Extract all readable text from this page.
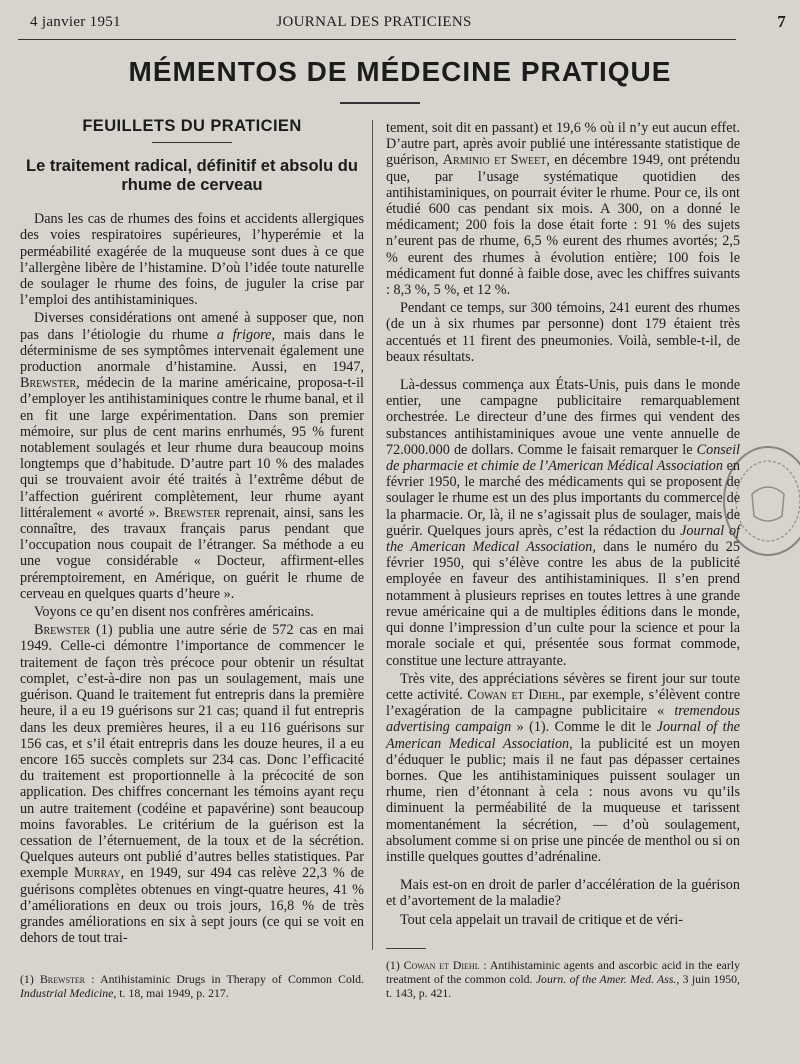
4 janvier 1951	JOURNAL DES PRATICIENS	7
MÉMENTOS DE MÉDECINE PRATIQUE
FEUILLETS DU PRATICIEN
Le traitement radical, définitif et absolu du rhume de cerveau

Dans les cas de rhumes des foins et accidents allergiques des voies respiratoires supérieures, l’hyperémie et la perméabilité exagérée de la muqueuse sont dues à ce que l’allergène libère de l’histamine. D’où l’idée toute naturelle de soulager le rhume des foins, de juguler la crise par l’emploi des antihistaminiques.

Diverses considérations ont amené à supposer que, non pas dans l’étiologie du rhume a frigore, mais dans le déterminisme de ses symptômes intervenait également une production anormale d’histamine. Aussi, en 1947, Brewster, médecin de la marine américaine, proposa-t-il d’employer les antihistaminiques contre le rhume banal, et il en fit une large expérimentation. Dans son premier mémoire, sur plus de cent marins enrhumés, 95 % furent notablement soulagés et leur rhume dura beaucoup moins longtemps que d’habitude. D’autre part 10 % des malades qui se trouvaient avoir été traités à l’extrême début de l’affection guérirent complètement, leur rhume ayant littéralement « avorté ». Brewster reprenait, ainsi, sans les connaître, des travaux français parus pendant que l’occupation nous coupait de l’étranger. Sa méthode a eu une vogue considérable « Docteur, affirment-elles préremptoirement, en Amérique, on guérit le rhume de cerveau en quelques quarts d’heure ».

Voyons ce qu’en disent nos confrères américains.

Brewster (1) publia une autre série de 572 cas en mai 1949. Celle-ci démontre l’importance de commencer le traitement de façon très précoce pour obtenir un résultat complet, c’est-à-dire non pas un soulagement, mais une guérison. Quand le traitement fut entrepris dans la première heure, il a eu 19 guérisons sur 21 cas; quand il fut entrepris dans les deux premières heures, il a eu 116 guérisons sur 156 cas, et s’il était entrepris dans les douze heures, il a eu encore 165 succès complets sur 234 cas. Donc l’efficacité du traitement est proportionnelle à la précocité de son application. Des chiffres concernant les témoins ayant reçu un autre traitement (codéine et papavérine) sont beaucoup moins favorables. Le critérium de la guérison est la cessation de l’éternuement, de la toux et de la sécrétion. Quelques auteurs ont publié d’autres belles statistiques. Par exemple Murray, en 1949, sur 494 cas relève 22,3 % de guérisons complètes obtenues en vingt-quatre heures, 41 % d’améliorations en deux ou trois jours, 16,8 % de très grandes améliorations en six à sept jours (ce qui se voit en dehors de tout trai-

tement, soit dit en passant) et 19,6 % où il n’y eut aucun effet. D’autre part, après avoir publié une intéressante statistique de guérison, Arminio et Sweet, en décembre 1949, ont prétendu que, par l’usage systématique quotidien des antihistaminiques, on pourrait éviter le rhume. Pour ce, ils ont étudié 600 cas pendant six mois. A 300, on a donné le médicament; 200 fois la dose était forte : 91 % des sujets n’eurent pas de rhume, 6,5 % eurent des rhumes avortés; 2,5 % eurent des rhumes à évolution entière; 100 fois le médicament fut donné à faible dose, avec les chiffres suivants : 8,3 %, 5 %, et 12 %.

Pendant ce temps, sur 300 témoins, 241 eurent des rhumes (de un à six rhumes par personne) dont 179 étaient très accentués et 11 firent des pneumonies. Voilà, semble-t-il, de beaux résultats.

Là-dessus commença aux États-Unis, puis dans le monde entier, une campagne publicitaire remarquablement orchestrée. Le directeur d’une des firmes qui vendent des substances antihistaminiques avoue une vente annuelle de 72.000.000 de dollars. Comme le faisait remarquer le Conseil de pharmacie et chimie de l’American Médical Association en février 1950, le marché des médicaments qui se proposent de soulager le rhume est un des plus importants du commerce de la pharmacie. Or, là, il ne s’agissait plus de soulager, mais de guérir. Quelques jours après, c’est la rédaction du Journal of the American Medical Association, dans le numéro du 25 février 1950, qui s’élève contre les abus de la publicité employée en faveur des antihistaminiques. Il s’en prend notamment à plusieurs reprises en toutes lettres à une grande revue américaine qui a de multiples éditions dans le monde, qui donne l’impression d’un culte pour la science et pour la morale sociale et qui, présentée sous format commode, constitue une lecture attrayante.

Très vite, des appréciations sévères se firent jour sur toute cette activité. Cowan et Diehl, par exemple, s’élèvent contre l’exagération de la campagne publicitaire « tremendous advertising campaign » (1). Comme le dit le Journal of the American Medical Association, la publicité est un moyen d’éduquer le public; mais il ne faut pas dépasser certaines bornes. Que les antihistaminiques puissent soulager un rhume, rien d’étonnant à cela : nous avons vu qu’ils diminuent la perméabilité de la muqueuse et tarissent momentanément la sécrétion, — d’où soulagement, absolument comme si on prise une pincée de menthol ou si on instille quelques gouttes d’adrénaline.

Mais est-on en droit de parler d’accélération de la guérison et d’avortement de la maladie?

Tout cela appelait un travail de critique et de véri-

(1) Brewster : Antihistaminic Drugs in Therapy of Common Cold. Industrial Medicine, t. 18, mai 1949, p. 217.
(1) Cowan et Diehl : Antihistaminic agents and ascorbic acid in the early treatment of the common cold. Journ. of the Amer. Med. Ass., 3 juin 1950, t. 143, p. 421.
